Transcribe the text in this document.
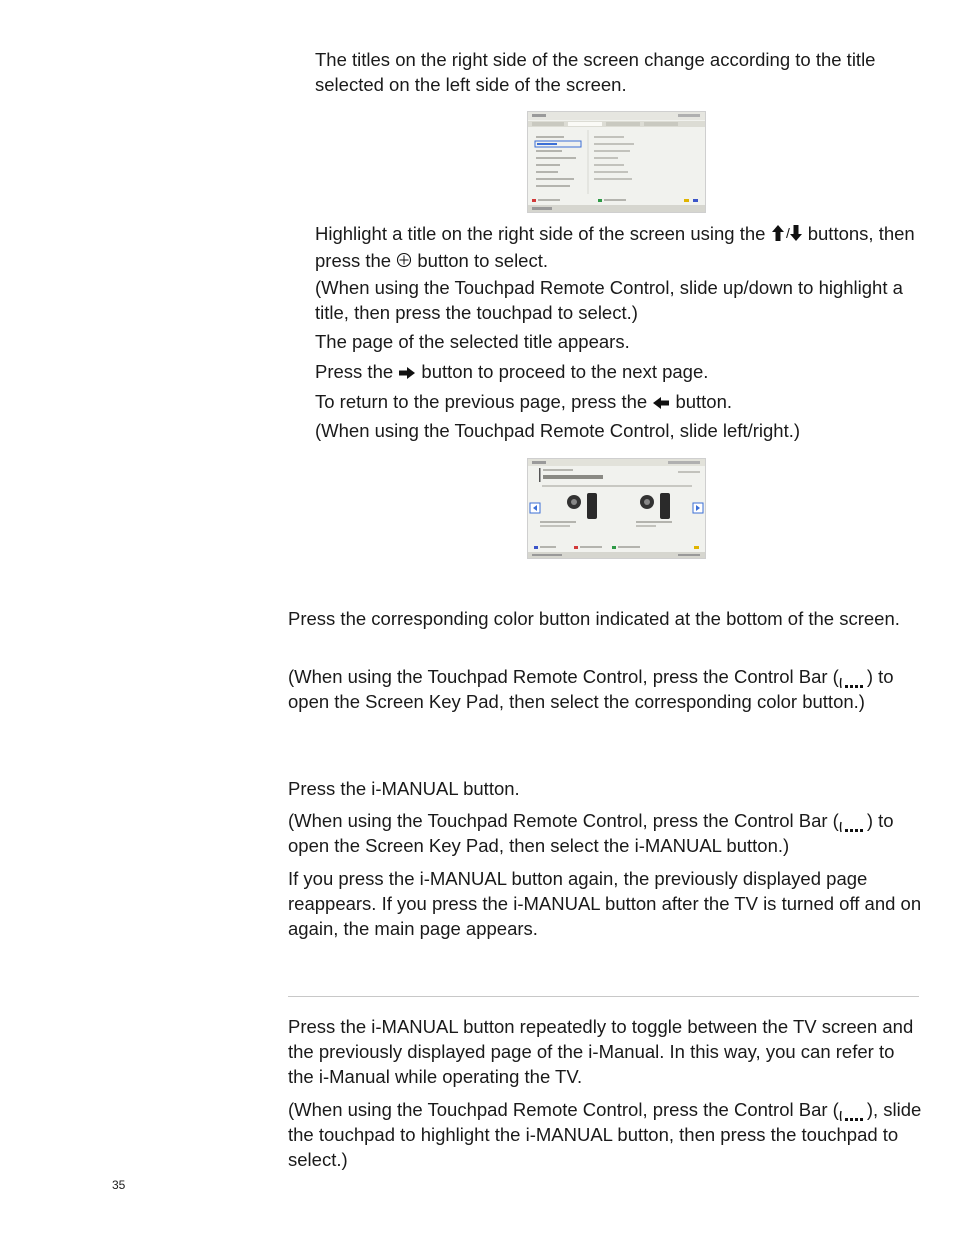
The titles on the right side of the screen change according to the title selected on the left side of the screen.

Highlight a title on the right side of the screen using the / buttons, then press the  button to select.

(When using the Touchpad Remote Control, slide up/down to highlight a title, then press the touchpad to select.)

The page of the selected title appears.

Press the  button to proceed to the next page.

To return to the previous page, press the  button.

(When using the Touchpad Remote Control, slide left/right.)

Press the corresponding color button indicated at the bottom of the screen.

(When using the Touchpad Remote Control, press the Control Bar ( ) to open the Screen Key Pad, then select the corresponding color button.)

Press the i-MANUAL button.

(When using the Touchpad Remote Control, press the Control Bar ( ) to open the Screen Key Pad, then select the i-MANUAL button.)

If you press the i-MANUAL button again, the previously displayed page reappears. If you press the i-MANUAL button after the TV is turned off and on again, the main page appears.

Press the i-MANUAL button repeatedly to toggle between the TV screen and the previously displayed page of the i-Manual. In this way, you can refer to the i-Manual while operating the TV.

(When using the Touchpad Remote Control, press the Control Bar ( ), slide the touchpad to highlight the i-MANUAL button, then press the touchpad to select.)

35
